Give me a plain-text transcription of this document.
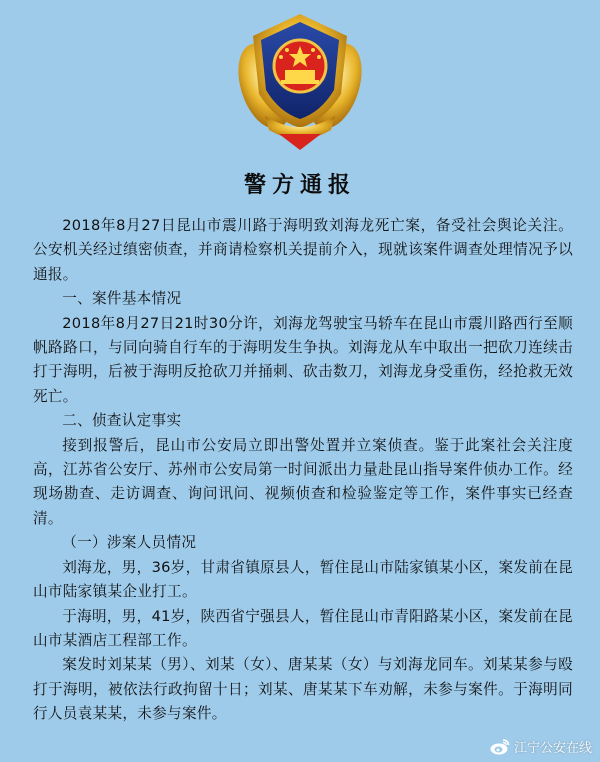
警方通报

2018年8月27日昆山市震川路于海明致刘海龙死亡案，备受社会舆论关注。公安机关经过缜密侦查，并商请检察机关提前介入，现就该案件调查处理情况予以通报。

一、案件基本情况

2018年8月27日21时30分许，刘海龙驾驶宝马轿车在昆山市震川路西行至顺帆路路口，与同向骑自行车的于海明发生争执。刘海龙从车中取出一把砍刀连续击打于海明，后被于海明反抢砍刀并捅刺、砍击数刀，刘海龙身受重伤，经抢救无效死亡。

二、侦查认定事实

接到报警后，昆山市公安局立即出警处置并立案侦查。鉴于此案社会关注度高，江苏省公安厅、苏州市公安局第一时间派出力量赴昆山指导案件侦办工作。经现场勘查、走访调查、询问讯问、视频侦查和检验鉴定等工作，案件事实已经查清。

（一）涉案人员情况

刘海龙，男，36岁，甘肃省镇原县人，暂住昆山市陆家镇某小区，案发前在昆山市陆家镇某企业打工。

于海明，男，41岁，陕西省宁强县人，暂住昆山市青阳路某小区，案发前在昆山市某酒店工程部工作。

案发时刘某某（男）、刘某（女）、唐某某（女）与刘海龙同车。刘某某参与殴打于海明，被依法行政拘留十日；刘某、唐某某下车劝解，未参与案件。于海明同行人员袁某某，未参与案件。

江宁公安在线
